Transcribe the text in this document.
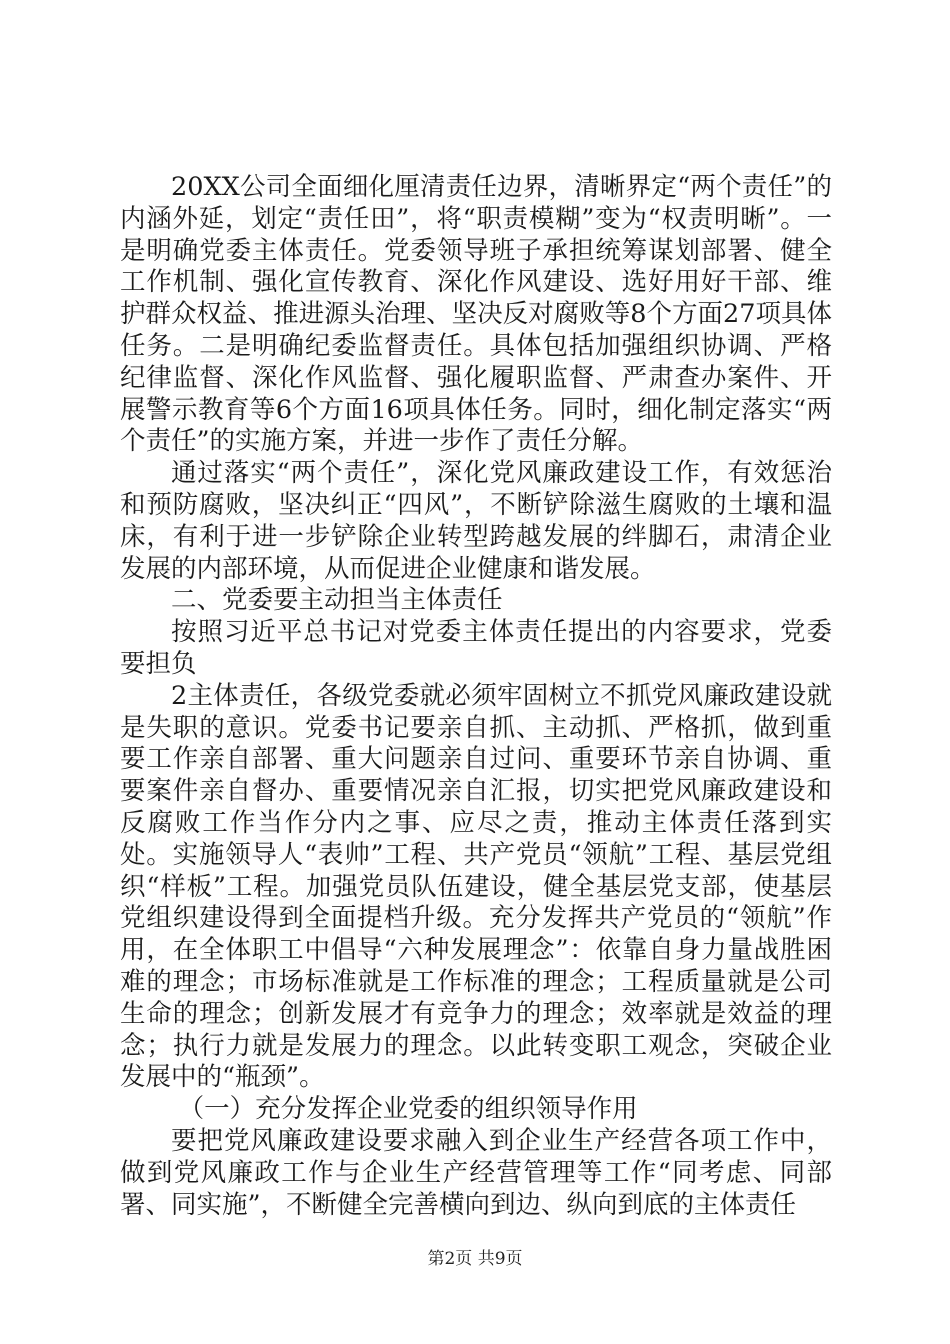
20XX公司全面细化厘清责任边界，清晰界定“两个责任”的内涵外延，划定“责任田”，将“职责模糊”变为“权责明晰”。一是明确党委主体责任。党委领导班子承担统筹谋划部署、健全工作机制、强化宣传教育、深化作风建设、选好用好干部、维护群众权益、推进源头治理、坚决反对腐败等8个方面27项具体任务。二是明确纪委监督责任。具体包括加强组织协调、严格纪律监督、深化作风监督、强化履职监督、严肃查办案件、开展警示教育等6个方面16项具体任务。同时，细化制定落实“两个责任”的实施方案，并进一步作了责任分解。

通过落实“两个责任”，深化党风廉政建设工作，有效惩治和预防腐败，坚决纠正“四风”，不断铲除滋生腐败的土壤和温床，有利于进一步铲除企业转型跨越发展的绊脚石，肃清企业发展的内部环境，从而促进企业健康和谐发展。

二、党委要主动担当主体责任

按照习近平总书记对党委主体责任提出的内容要求，党委要担负

2主体责任，各级党委就必须牢固树立不抓党风廉政建设就是失职的意识。党委书记要亲自抓、主动抓、严格抓，做到重要工作亲自部署、重大问题亲自过问、重要环节亲自协调、重要案件亲自督办、重要情况亲自汇报，切实把党风廉政建设和反腐败工作当作分内之事、应尽之责，推动主体责任落到实处。实施领导人“表帅”工程、共产党员“领航”工程、基层党组织“样板”工程。加强党员队伍建设，健全基层党支部，使基层党组织建设得到全面提档升级。充分发挥共产党员的“领航”作用，在全体职工中倡导“六种发展理念”：依靠自身力量战胜困难的理念；市场标准就是工作标准的理念；工程质量就是公司生命的理念；创新发展才有竞争力的理念；效率就是效益的理念；执行力就是发展力的理念。以此转变职工观念，突破企业发展中的“瓶颈”。

（一）充分发挥企业党委的组织领导作用

要把党风廉政建设要求融入到企业生产经营各项工作中，做到党风廉政工作与企业生产经营管理等工作“同考虑、同部署、同实施”，不断健全完善横向到边、纵向到底的主体责任

第2页 共9页
